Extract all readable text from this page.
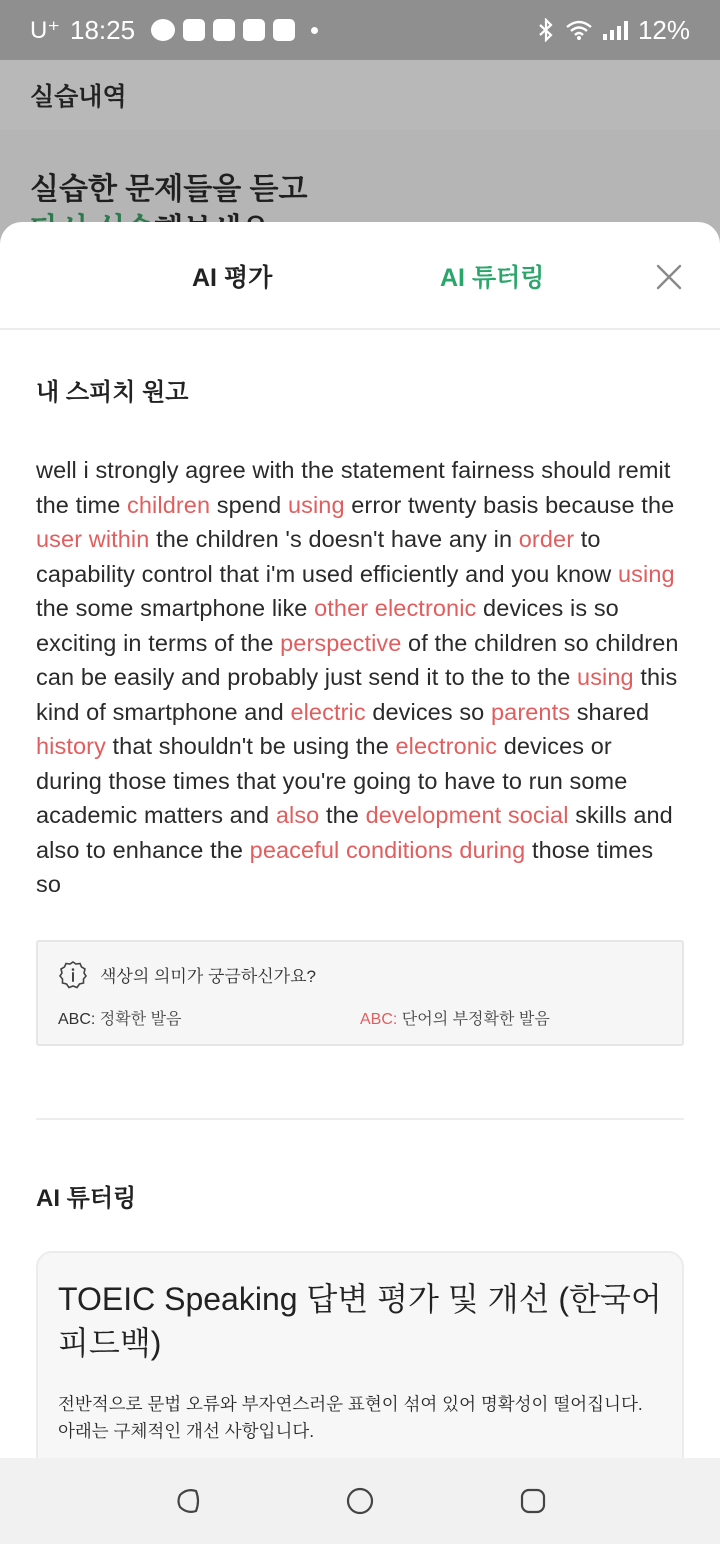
U⁺ 18:25	12%
실습내역
실습한 문제들을 듣고
AI 평가	AI 튜터링
내 스피치 원고
well i strongly agree with the statement fairness should remit the time children spend using error twenty basis because the user within the children 's doesn't have any in order to capability control that i'm used efficiently and you know using the some smartphone like other electronic devices is so exciting in terms of the perspective of the children so children can be easily and probably just send it to the to the using this kind of smartphone and electric devices so parents shared history that shouldn't be using the electronic devices or during those times that you're going to have to run some academic matters and also the development social skills and also to enhance the peaceful conditions during those times so
색상의 의미가 궁금하신가요?
ABC: 정확한 발음	ABC: 단어의 부정확한 발음
AI 튜터링
TOEIC Speaking 답변 평가 및 개선 (한국어 피드백)
전반적으로 문법 오류와 부자연스러운 표현이 섞여 있어 명확성이 떨어집니다. 아래는 구체적인 개선 사항입니다.
